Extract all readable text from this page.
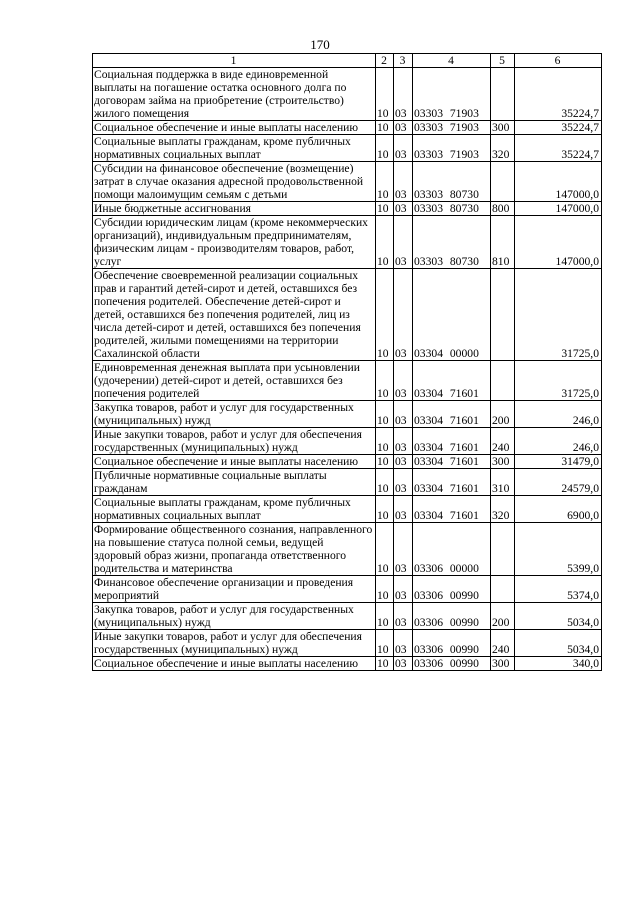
170
1	2	3	4	5	6
Социальная поддержка в виде единовременной выплаты на погашение остатка основного долга по договорам займа на приобретение (строительство) жилого помещения	10	03	03303 71903		35224,7
Социальное обеспечение и иные выплаты населению	10	03	03303 71903	300	35224,7
Социальные выплаты гражданам, кроме публичных нормативных социальных выплат	10	03	03303 71903	320	35224,7
Субсидии на финансовое обеспечение (возмещение) затрат в случае оказания адресной продовольственной помощи малоимущим семьям с детьми	10	03	03303 80730		147000,0
Иные бюджетные ассигнования	10	03	03303 80730	800	147000,0
Субсидии юридическим лицам (кроме некоммерческих организаций), индивидуальным предпринимателям, физическим лицам - производителям товаров, работ, услуг	10	03	03303 80730	810	147000,0
Обеспечение своевременной реализации социальных прав и гарантий детей-сирот и детей, оставшихся без попечения родителей. Обеспечение детей-сирот и детей, оставшихся без попечения родителей, лиц из числа детей-сирот и детей, оставшихся без попечения родителей, жилыми помещениями на территории Сахалинской области	10	03	03304 00000		31725,0
Единовременная денежная выплата при усыновлении (удочерении) детей-сирот и детей, оставшихся без попечения родителей	10	03	03304 71601		31725,0
Закупка товаров, работ и услуг для государственных (муниципальных) нужд	10	03	03304 71601	200	246,0
Иные закупки товаров, работ и услуг для обеспечения государственных (муниципальных) нужд	10	03	03304 71601	240	246,0
Социальное обеспечение и иные выплаты населению	10	03	03304 71601	300	31479,0
Публичные нормативные социальные выплаты гражданам	10	03	03304 71601	310	24579,0
Социальные выплаты гражданам, кроме публичных нормативных социальных выплат	10	03	03304 71601	320	6900,0
Формирование общественного сознания, направленного на повышение статуса полной семьи, ведущей здоровый образ жизни, пропаганда ответственного родительства и материнства	10	03	03306 00000		5399,0
Финансовое обеспечение организации и проведения мероприятий	10	03	03306 00990		5374,0
Закупка товаров, работ и услуг для государственных (муниципальных) нужд	10	03	03306 00990	200	5034,0
Иные закупки товаров, работ и услуг для обеспечения государственных (муниципальных) нужд	10	03	03306 00990	240	5034,0
Социальное обеспечение и иные выплаты населению	10	03	03306 00990	300	340,0
